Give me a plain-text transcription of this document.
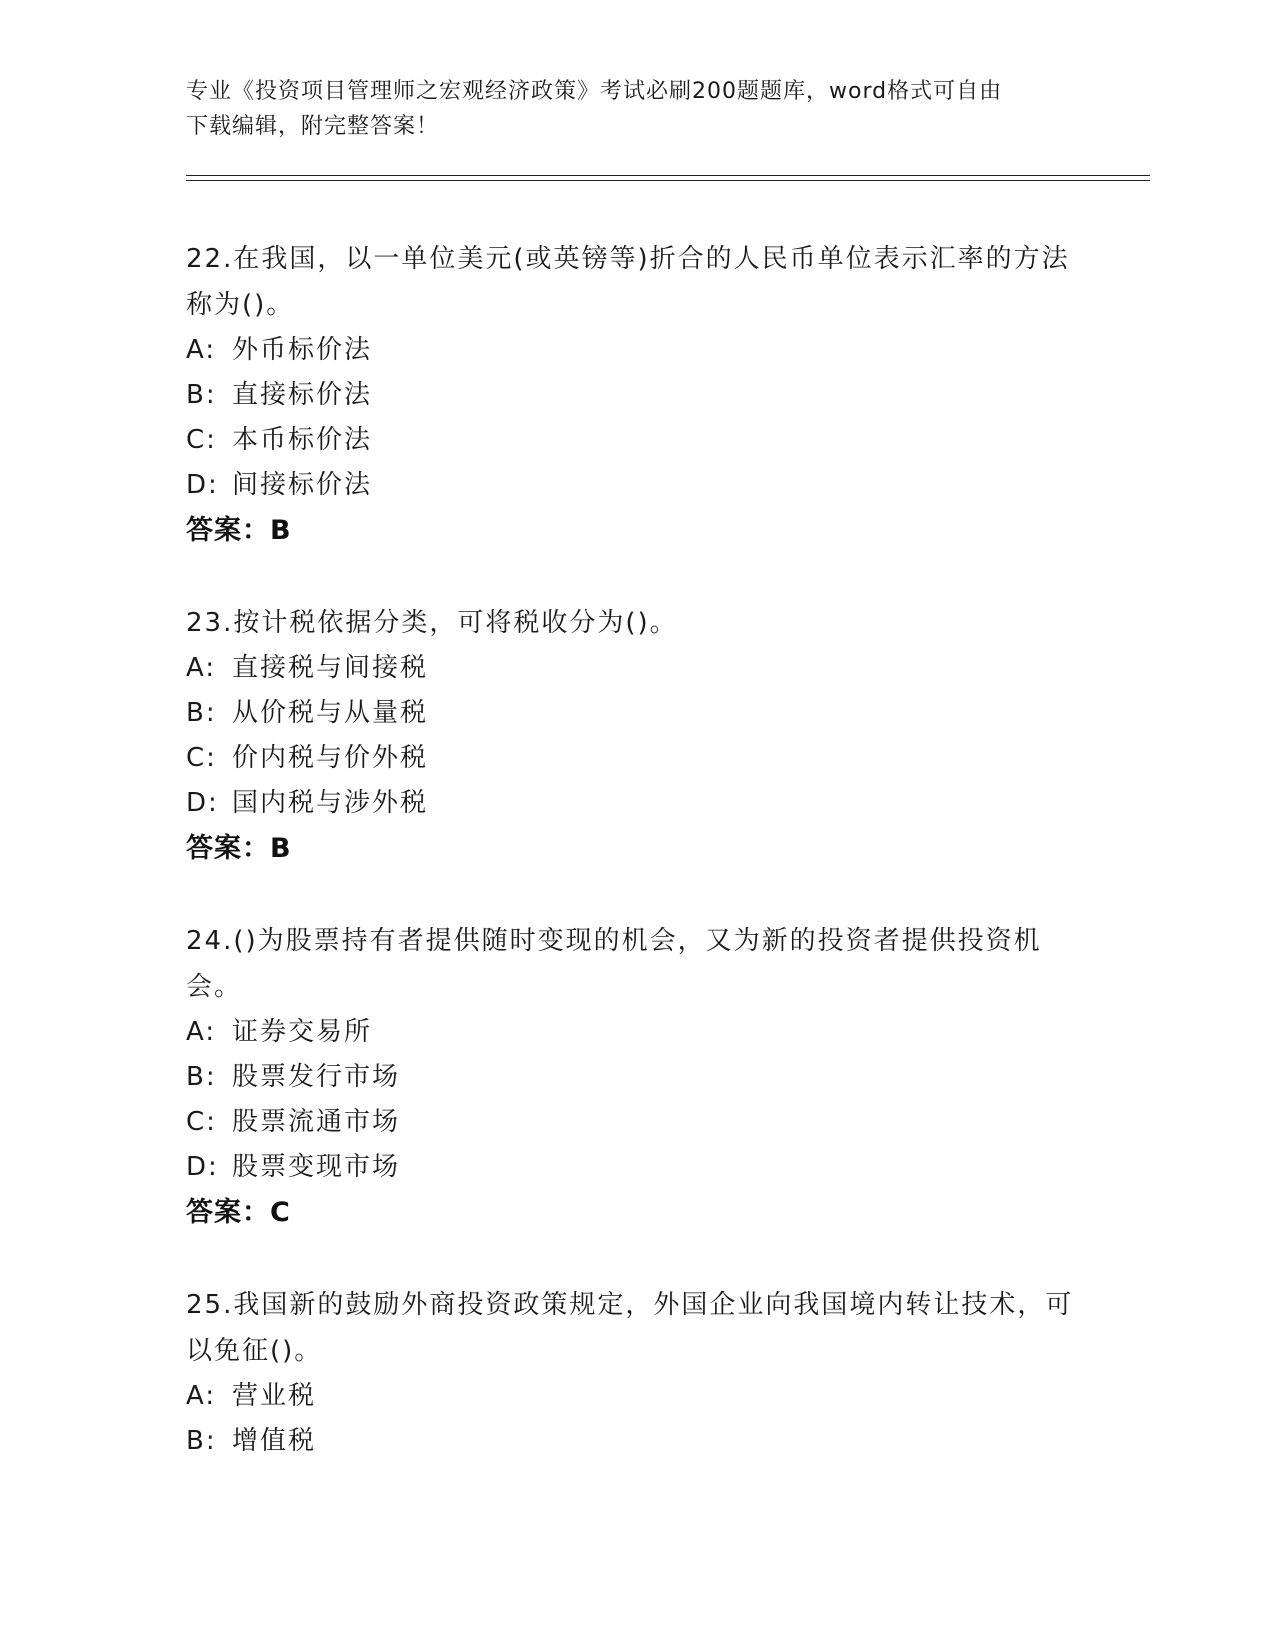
专业《投资项目管理师之宏观经济政策》考试必刷200题题库，word格式可自由
下载编辑，附完整答案！
22.在我国，以一单位美元(或英镑等)折合的人民币单位表示汇率的方法称为()。
A: 外币标价法
B: 直接标价法
C: 本币标价法
D: 间接标价法
答案：B
23.按计税依据分类，可将税收分为()。
A: 直接税与间接税
B: 从价税与从量税
C: 价内税与价外税
D: 国内税与涉外税
答案：B
24.()为股票持有者提供随时变现的机会，又为新的投资者提供投资机会。
A: 证券交易所
B: 股票发行市场
C: 股票流通市场
D: 股票变现市场
答案：C
25.我国新的鼓励外商投资政策规定，外国企业向我国境内转让技术，可以免征()。
A: 营业税
B: 增值税
